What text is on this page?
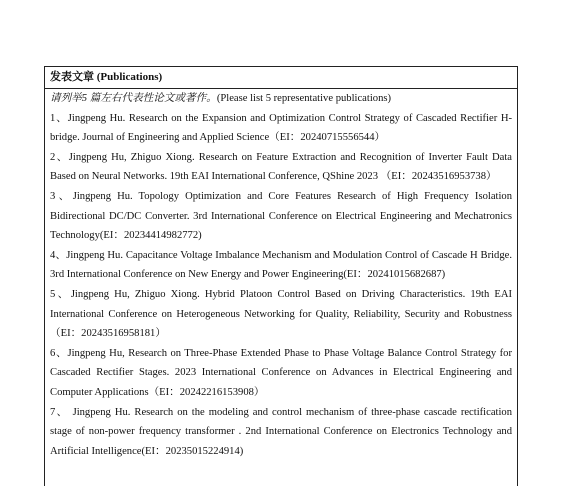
发表文章 (Publications)
请列举5 篇左右代表性论文或著作。(Please list 5 representative publications)
1、Jingpeng Hu. Research on the Expansion and Optimization Control Strategy of Cascaded Rectifier H-bridge. Journal of Engineering and Applied Science（EI：20240715556544）
2、Jingpeng Hu, Zhiguo Xiong. Research on Feature Extraction and Recognition of Inverter Fault Data Based on Neural Networks. 19th EAI International Conference, QShine 2023 （EI：20243516953738）
3、Jingpeng Hu. Topology Optimization and Core Features Research of High Frequency Isolation Bidirectional DC/DC Converter. 3rd International Conference on Electrical Engineering and Mechatronics Technology(EI：20234414982772)
4、Jingpeng Hu. Capacitance Voltage Imbalance Mechanism and Modulation Control of Cascade H Bridge. 3rd International Conference on New Energy and Power Engineering(EI：20241015682687)
5、Jingpeng Hu, Zhiguo Xiong. Hybrid Platoon Control Based on Driving Characteristics. 19th EAI International Conference on Heterogeneous Networking for Quality, Reliability, Security and Robustness（EI：20243516958181）
6、Jingpeng Hu, Research on Three-Phase Extended Phase to Phase Voltage Balance Control Strategy for Cascaded Rectifier Stages. 2023 International Conference on Advances in Electrical Engineering and Computer Applications（EI：20242216153908）
7、 Jingpeng Hu. Research on the modeling and control mechanism of three-phase cascade rectification stage of non-power frequency transformer . 2nd International Conference on Electronics Technology and Artificial Intelligence(EI：20235015224914)
